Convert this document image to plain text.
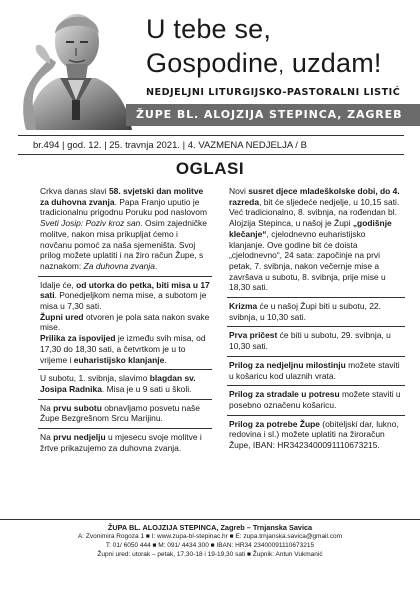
U tebe se,
Gospodine, uzdam!
NEDJELJNI LITURGIJSKO-PASTORALNI LISTIĆ
ŽUPE BL. ALOJZIJA STEPINCA, ZAGREB
br.494 | god. 12. | 25. travnja 2021. | 4. VAZMENA NEDJELJA / B
OGLASI
Crkva danas slavi 58. svjetski dan molitve za duhovna zvanja. Papa Franjo uputio je tradicionalnu prigodnu Poruku pod naslovom Sveti Josip: Poziv kroz san. Osim zajedničke molitve, nakon misa prikupljat ćemo i novčanu pomoć za naša sjemeništa. Svoj prilog možete uplatiti i na žiro račun Župe, s naznakom: Za duhovna zvanja.
Idalje će, od utorka do petka, biti misa u 17 sati. Ponedjeljkom nema mise, a subotom je misa u 7,30 sati.
Župni ured otvoren je pola sata nakon svake mise.
Prilika za ispovijed je između svih misa, od 17,30 do 18,30 sati, a četvrtkom je u to vrijeme i euharistijsko klanjanje.
U subotu, 1. svibnja, slavimo blagdan sv. Josipa Radnika. Misa je u 9 sati u školi.
Na prvu subotu obnavljamo posvetu naše Župe Bezgrešnom Srcu Marijinu.
Na prvu nedjelju u mjesecu svoje molitve i žrtve prikazujemo za duhovna zvanja.
Novi susret djece mladeškolske dobi, do 4. razreda, bit će sljedeće nedjelje, u 10,15 sati.
Već tradicionalno, 8. svibnja, na rođendan bl. Alojzija Stepinca, u našoj je Župi „godišnje klečanje“, cjelodnevno euharistijsko klanjanje. Ove godine bit će doista „cjelodnevno“, 24 sata: započinje na prvi petak, 7. svibnja, nakon večernje mise a završava u subotu, 8. svibnja, prije mise u 18,30 sati.
Krizma će u našoj Župi biti u subotu, 22. svibnja, u 10,30 sati.
Prva pričest će biti u subotu, 29. svibnja, u 10,30 sati.
Prilog za nedjeljnu milostinju možete staviti u košaricu kod ulaznih vrata.
Prilog za stradale u potresu možete staviti u posebno označenu košaricu.
Prilog za potrebe Župe (obiteljski dar, lukno, redovina i sl.) možete uplatiti na žiroračun Župe, IBAN: HR3423400091110673215.
ŽUPA BL. ALOJZIJA STEPINCA, Zagreb – Trnjanska Savica
A: Zvonimira Rogoza 1 ■ I: www.zupa-bl-stepinac.hr ■ E: zupa.trnjanska.savica@gmail.com
T: 01/ 6050 444 ■ M: 091/ 4434 300 ■ IBAN: HR34 23400091110673215
Župni ured: utorak – petak, 17,30-18 i 19-19,30 sati ■ Župnik: Antun Vukmanić
